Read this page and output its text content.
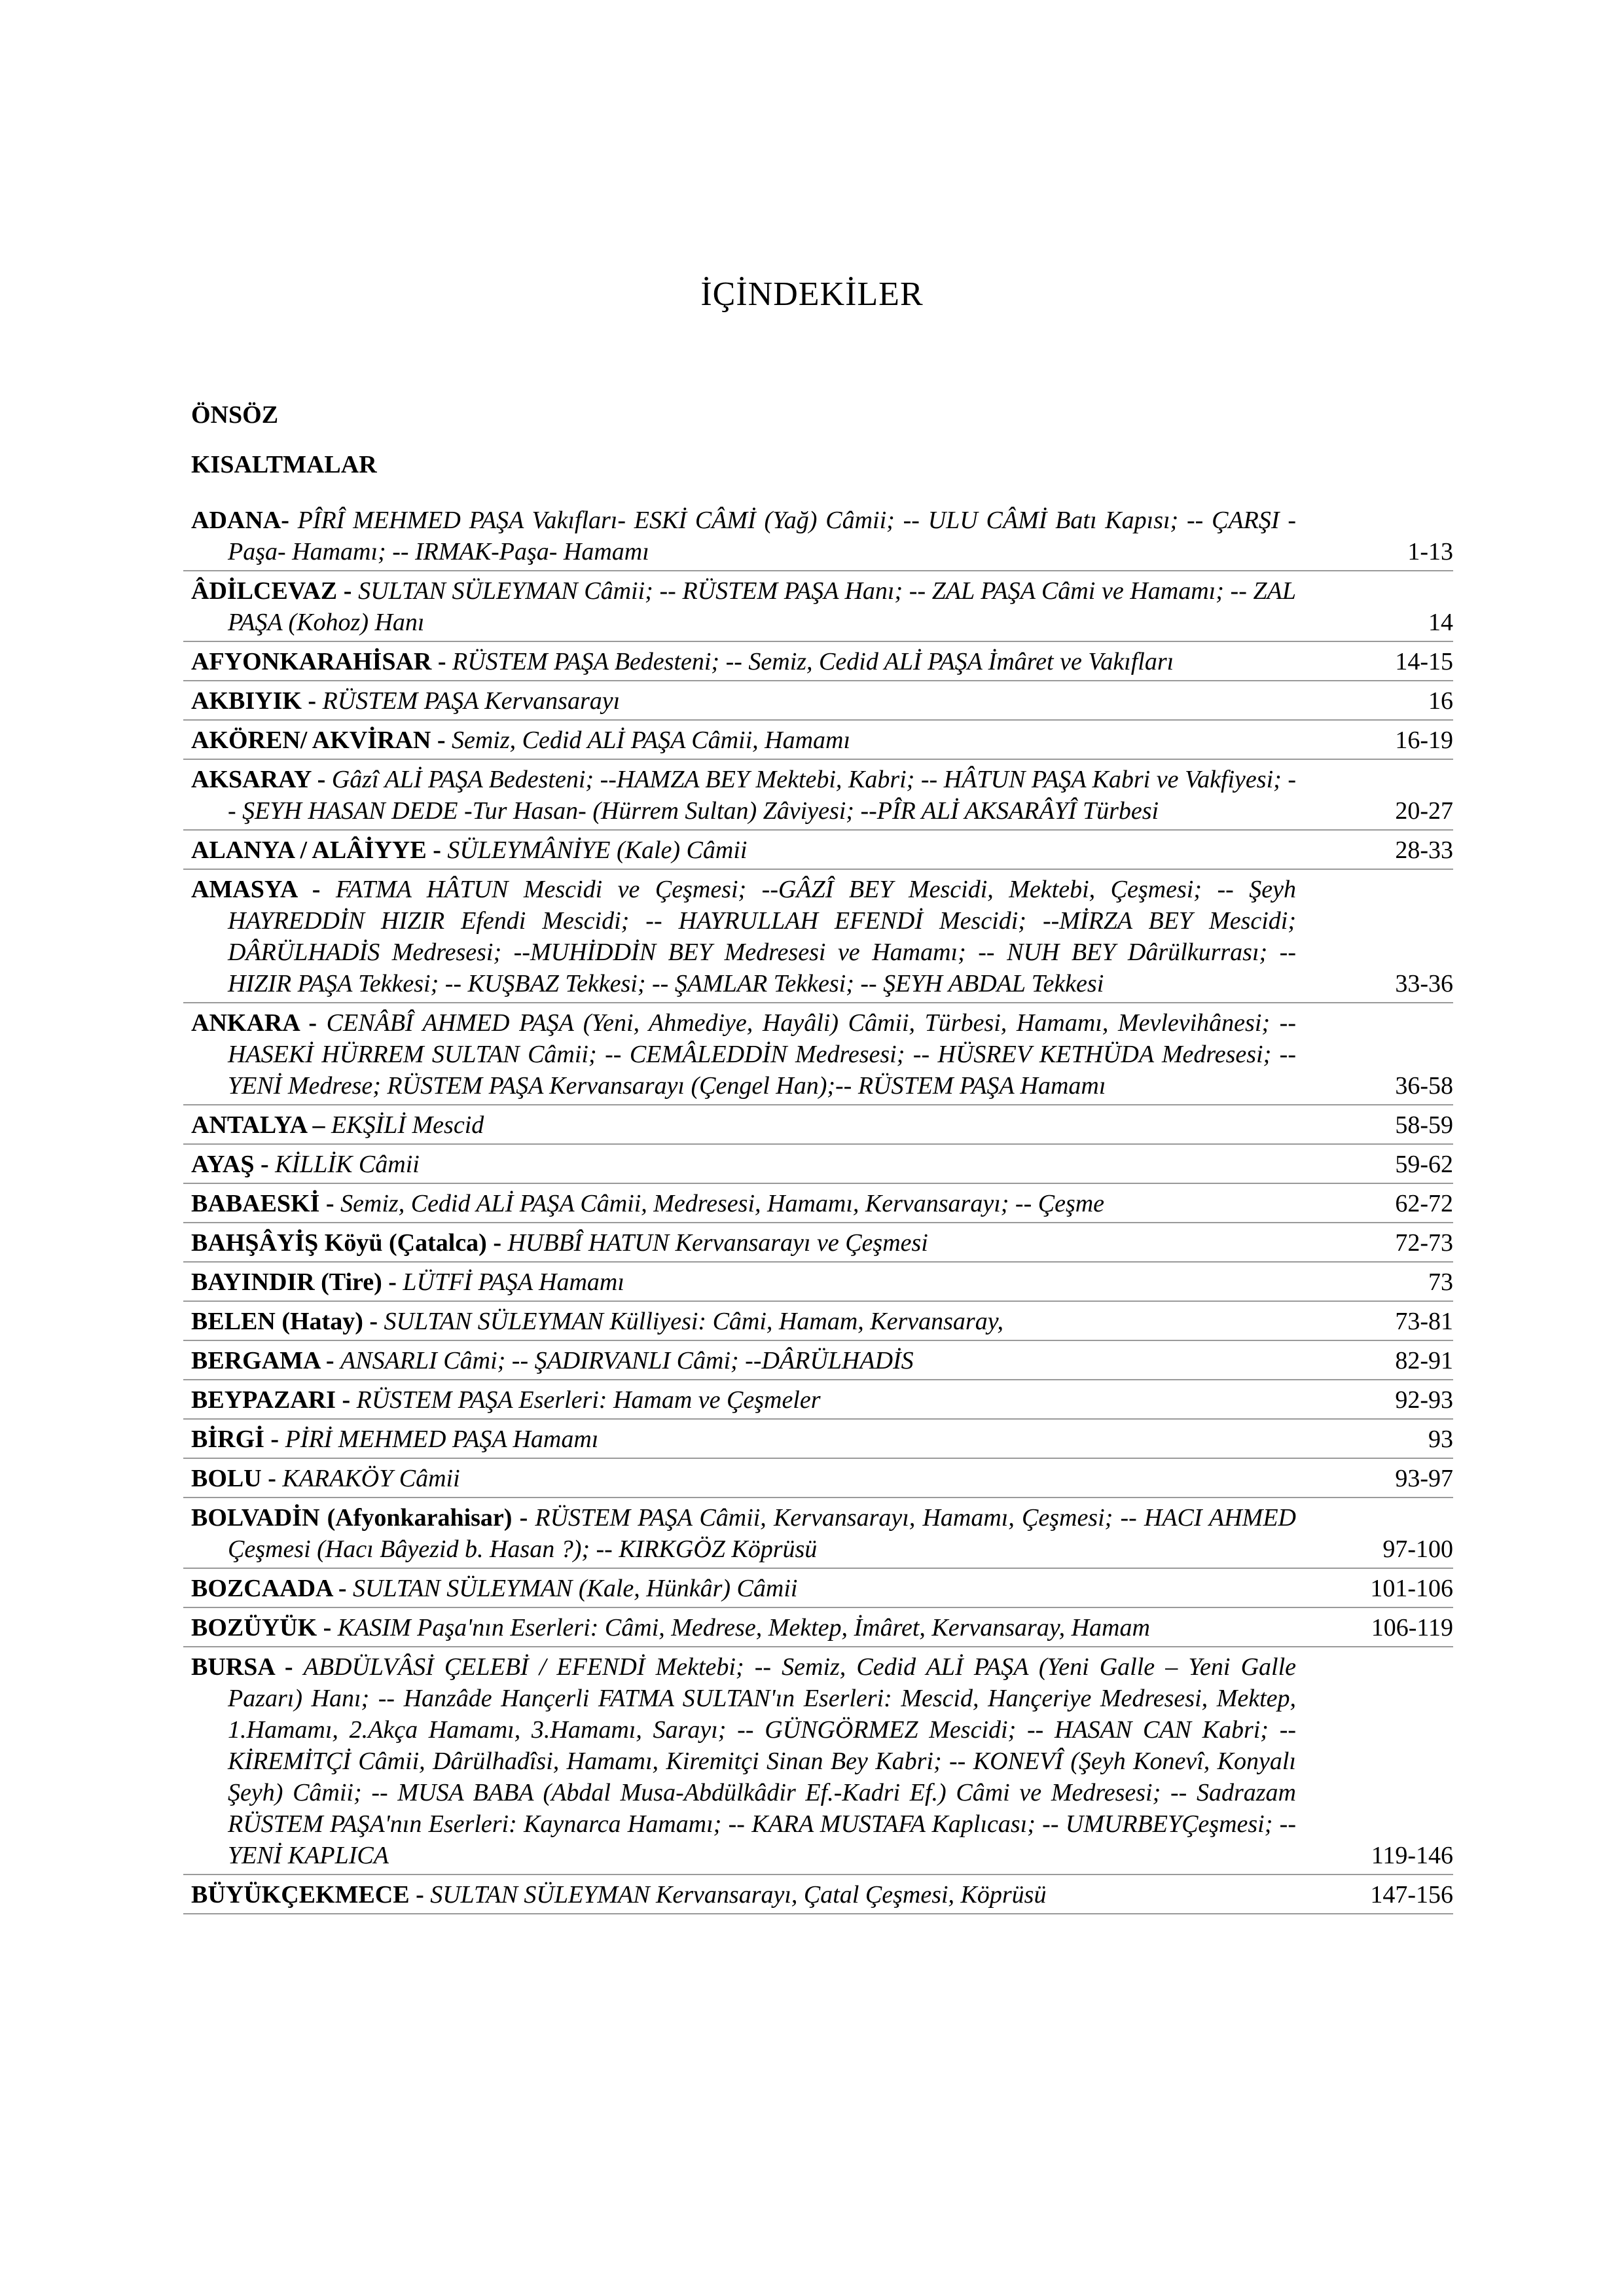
İÇİNDEKİLER

ÖNSÖZ

KISALTMALAR

ADANA- PÎRÎ MEHMED PAŞA Vakıfları- ESKİ CÂMİ (Yağ) Câmii; -- ULU CÂMİ Batı Kapısı; -- ÇARŞI -Paşa- Hamamı; -- IRMAK-Paşa- Hamamı	1-13
ÂDİLCEVAZ - SULTAN SÜLEYMAN Câmii; -- RÜSTEM PAŞA Hanı; -- ZAL PAŞA Câmi ve Hamamı; -- ZAL PAŞA (Kohoz) Hanı	14
AFYONKARAHİSAR - RÜSTEM PAŞA Bedesteni; -- Semiz, Cedid ALİ PAŞA İmâret ve Vakıfları	14-15
AKBIYIK - RÜSTEM PAŞA Kervansarayı	16
AKÖREN/ AKVİRAN - Semiz, Cedid ALİ PAŞA Câmii, Hamamı	16-19
AKSARAY - Gâzî ALİ PAŞA Bedesteni; --HAMZA BEY Mektebi, Kabri; -- HÂTUN PAŞA Kabri ve Vakfiyesi; -- ŞEYH HASAN DEDE -Tur Hasan- (Hürrem Sultan) Zâviyesi; --PÎR ALİ AKSARÂYÎ Türbesi	20-27
ALANYA / ALÂİYYE - SÜLEYMÂNİYE (Kale) Câmii	28-33
AMASYA - FATMA HÂTUN Mescidi ve Çeşmesi; --GÂZÎ BEY Mescidi, Mektebi, Çeşmesi; -- Şeyh HAYREDDİN HIZIR Efendi Mescidi; -- HAYRULLAH EFENDİ Mescidi; --MİRZA BEY Mescidi; DÂRÜLHADİS Medresesi; --MUHİDDİN BEY Medresesi ve Hamamı; -- NUH BEY Dârülkurrası; -- HIZIR PAŞA Tekkesi; -- KUŞBAZ Tekkesi; -- ŞAMLAR Tekkesi; -- ŞEYH ABDAL Tekkesi	33-36
ANKARA - CENÂBÎ AHMED PAŞA (Yeni, Ahmediye, Hayâli) Câmii, Türbesi, Hamamı, Mevlevihânesi; -- HASEKİ HÜRREM SULTAN Câmii; -- CEMÂLEDDİN Medresesi; -- HÜSREV KETHÜDA Medresesi; -- YENİ Medrese; RÜSTEM PAŞA Kervansarayı (Çengel Han);-- RÜSTEM PAŞA Hamamı	36-58
ANTALYA – EKŞİLİ Mescid	58-59
AYAŞ - KİLLİK Câmii	59-62
BABAESKİ - Semiz, Cedid ALİ PAŞA Câmii, Medresesi, Hamamı, Kervansarayı; -- Çeşme	62-72
BAHŞÂYİŞ Köyü (Çatalca) - HUBBÎ HATUN Kervansarayı ve Çeşmesi	72-73
BAYINDIR (Tire) - LÜTFİ PAŞA Hamamı	73
BELEN (Hatay) - SULTAN SÜLEYMAN Külliyesi: Câmi, Hamam, Kervansaray,	73-81
BERGAMA - ANSARLI Câmi; -- ŞADIRVANLI Câmi; --DÂRÜLHADİS	82-91
BEYPAZARI - RÜSTEM PAŞA Eserleri: Hamam ve Çeşmeler	92-93
BİRGİ - PİRİ MEHMED PAŞA Hamamı	93
BOLU - KARAKÖY Câmii	93-97
BOLVADİN (Afyonkarahisar) - RÜSTEM PAŞA Câmii, Kervansarayı, Hamamı, Çeşmesi; -- HACI AHMED Çeşmesi (Hacı Bâyezid b. Hasan ?); -- KIRKGÖZ Köprüsü	97-100
BOZCAADA - SULTAN SÜLEYMAN (Kale, Hünkâr) Câmii	101-106
BOZÜYÜK - KASIM Paşa'nın Eserleri: Câmi, Medrese, Mektep, İmâret, Kervansaray, Hamam	106-119
BURSA - ABDÜLVÂSİ ÇELEBİ / EFENDİ Mektebi; -- Semiz, Cedid ALİ PAŞA (Yeni Galle – Yeni Galle Pazarı) Hanı; -- Hanzâde Hançerli FATMA SULTAN'ın Eserleri: Mescid, Hançeriye Medresesi, Mektep, 1.Hamamı, 2.Akça Hamamı, 3.Hamamı, Sarayı; -- GÜNGÖRMEZ Mescidi; -- HASAN CAN Kabri; -- KİREMİTÇİ Câmii, Dârülhadîsi, Hamamı, Kiremitçi Sinan Bey Kabri; -- KONEVÎ (Şeyh Konevî, Konyalı Şeyh) Câmii; -- MUSA BABA (Abdal Musa-Abdülkâdir Ef.-Kadri Ef.) Câmi ve Medresesi; -- Sadrazam RÜSTEM PAŞA'nın Eserleri: Kaynarca Hamamı; -- KARA MUSTAFA Kaplıcası; -- UMURBEYÇeşmesi; -- YENİ KAPLICA	119-146
BÜYÜKÇEKMECE - SULTAN SÜLEYMAN Kervansarayı, Çatal Çeşmesi, Köprüsü	147-156
